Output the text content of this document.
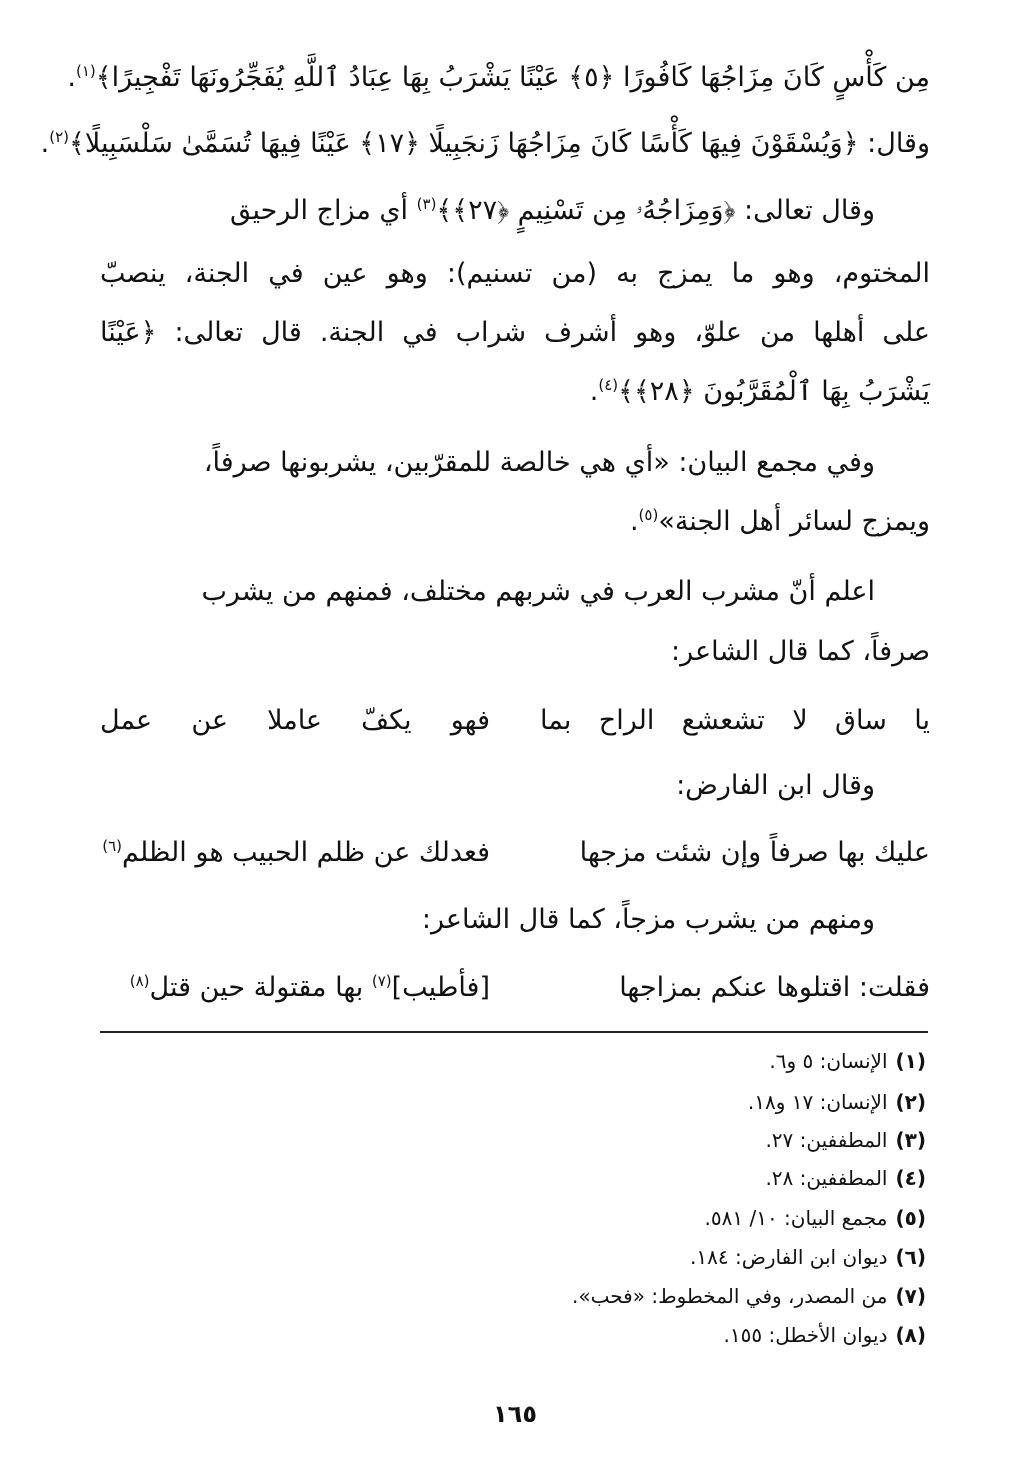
مِن كَأْسٍ كَانَ مِزَاجُهَا كَافُورًا ﴿٥﴾ عَيْنًا يَشْرَبُ بِهَا عِبَادُ ٱللَّهِ يُفَجِّرُونَهَا تَفْجِيرًا﴾$^{(١)}$.
وقال: ﴿وَيُسْقَوْنَ فِيهَا كَأْسًا كَانَ مِزَاجُهَا زَنجَبِيلًا ﴿١٧﴾ عَيْنًا فِيهَا تُسَمَّىٰ سَلْسَبِيلًا﴾$^{(٢)}$.
وقال تعالى: ﴿وَمِزَاجُهُۥ مِن تَسْنِيمٍ ﴿٢٧﴾﴾$^{(٣)}$ أي مزاج الرحيق
المختوم، وهو ما يمزج به (من تسنيم): وهو عين في الجنة، ينصبّ
على أهلها من علوّ، وهو أشرف شراب في الجنة. قال تعالى: ﴿عَيْنًا
يَشْرَبُ بِهَا ٱلْمُقَرَّبُونَ ﴿٢٨﴾﴾$^{(٤)}$.
وفي مجمع البيان: «أي هي خالصة للمقرّبين، يشربونها صرفاً،
ويمزج لسائر أهل الجنة»$^{(٥)}$.
اعلم أنّ مشرب العرب في شربهم مختلف، فمنهم من يشرب
صرفاً، كما قال الشاعر:
يا ساق لا تشعشع الراح بما
فهو يكفّ عاملا عن عمل
وقال ابن الفارض:
عليك بها صرفاً وإن شئت مزجها
فعدلك عن ظلم الحبيب هو الظلم$^{(٦)}$
ومنهم من يشرب مزجاً، كما قال الشاعر:
فقلت: اقتلوها عنكم بمزاجها
[فأطيب]$^{(٧)}$ بها مقتولة حين قتل$^{(٨)}$
(١)الإنسان: ٥ و٦.
(٢)الإنسان: ١٧ و١٨.
(٣)المطففين: ٢٧.
(٤)المطففين: ٢٨.
(٥)مجمع البيان: ١٠/ ٥٨١.
(٦)ديوان ابن الفارض: ١٨٤.
(٧)من المصدر، وفي المخطوط: «فحب».
(٨)ديوان الأخطل: ١٥٥.
١٦٥
